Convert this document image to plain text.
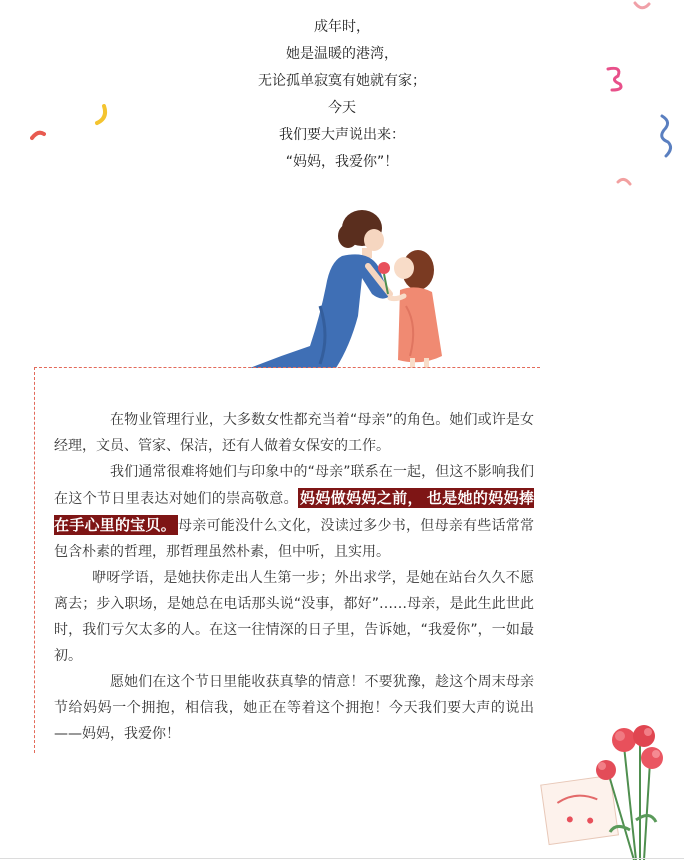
成年时，
她是温暖的港湾，
无论孤单寂寞有她就有家；
今天
我们要大声说出来：
“妈妈，我爱你”！

在物业管理行业，大多数女性都充当着“母亲”的角色。她们或许是女经理，文员、管家、保洁，还有人做着女保安的工作。

我们通常很难将她们与印象中的“母亲”联系在一起，但这不影响我们在这个节日里表达对她们的崇高敬意。 妈妈做妈妈之前， 也是她的妈妈捧在手心里的宝贝。 母亲可能没什么文化，没读过多少书，但母亲有些话常常包含朴素的哲理，那哲理虽然朴素，但中听，且实用。

咿呀学语，是她扶你走出人生第一步；外出求学，是她在站台久久不愿离去；步入职场，是她总在电话那头说“没事，都好”……母亲，是此生此世此时，我们亏欠太多的人。在这一往情深的日子里，告诉她，“我爱你”，一如最初。

愿她们在这个节日里能收获真挚的情意！不要犹豫，趁这个周末母亲节给妈妈一个拥抱，相信我，她正在等着这个拥抱！今天我们要大声的说出——妈妈，我爱你！
